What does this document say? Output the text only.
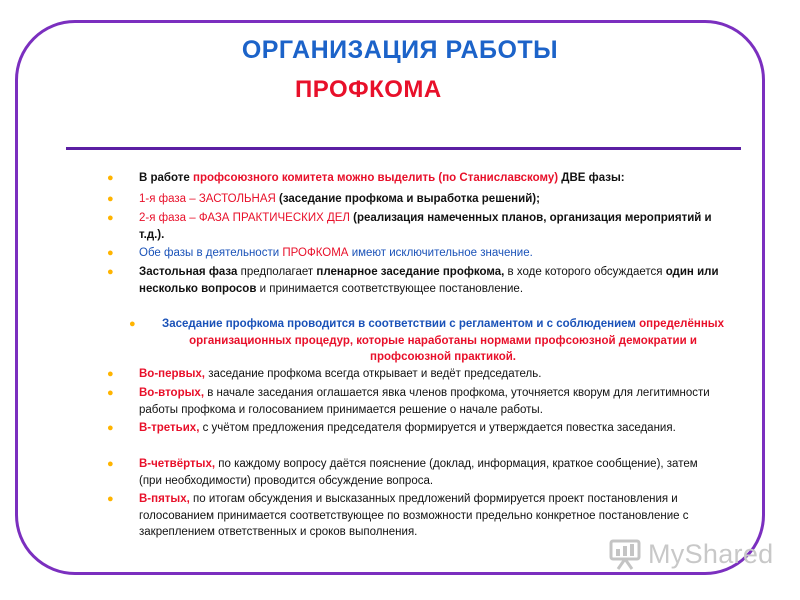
ОРГАНИЗАЦИЯ РАБОТЫ
ПРОФКОМА
● В работе профсоюзного комитета можно выделить (по Станиславскому) ДВЕ фазы:
● 1-я фаза – ЗАСТОЛЬНАЯ (заседание профкома и выработка решений);
● 2-я фаза – ФАЗА ПРАКТИЧЕСКИХ ДЕЛ (реализация намеченных планов, организация мероприятий и т.д.).
● Обе фазы в деятельности ПРОФКОМА имеют исключительное значение.
● Застольная фаза предполагает пленарное заседание профкома, в ходе которого обсуждается один или несколько вопросов и принимается соответствующее постановление.
● Заседание профкома проводится в соответствии с регламентом и с соблюдением определённых организационных процедур, которые наработаны нормами профсоюзной демократии и профсоюзной практикой.
● Во-первых, заседание профкома всегда открывает и ведёт председатель.
● Во-вторых, в начале заседания оглашается явка членов профкома, уточняется кворум для легитимности работы профкома и голосованием принимается решение о начале работы.
● В-третьих, с учётом предложения председателя формируется и утверждается повестка заседания.
● В-четвёртых, по каждому вопросу даётся пояснение (доклад, информация, краткое сообщение), затем (при необходимости) проводится обсуждение вопроса.
● В-пятых, по итогам обсуждения и высказанных предложений формируется проект постановления и голосованием принимается соответствующее по возможности предельно конкретное постановление с закреплением ответственных и сроков выполнения.
MyShared
